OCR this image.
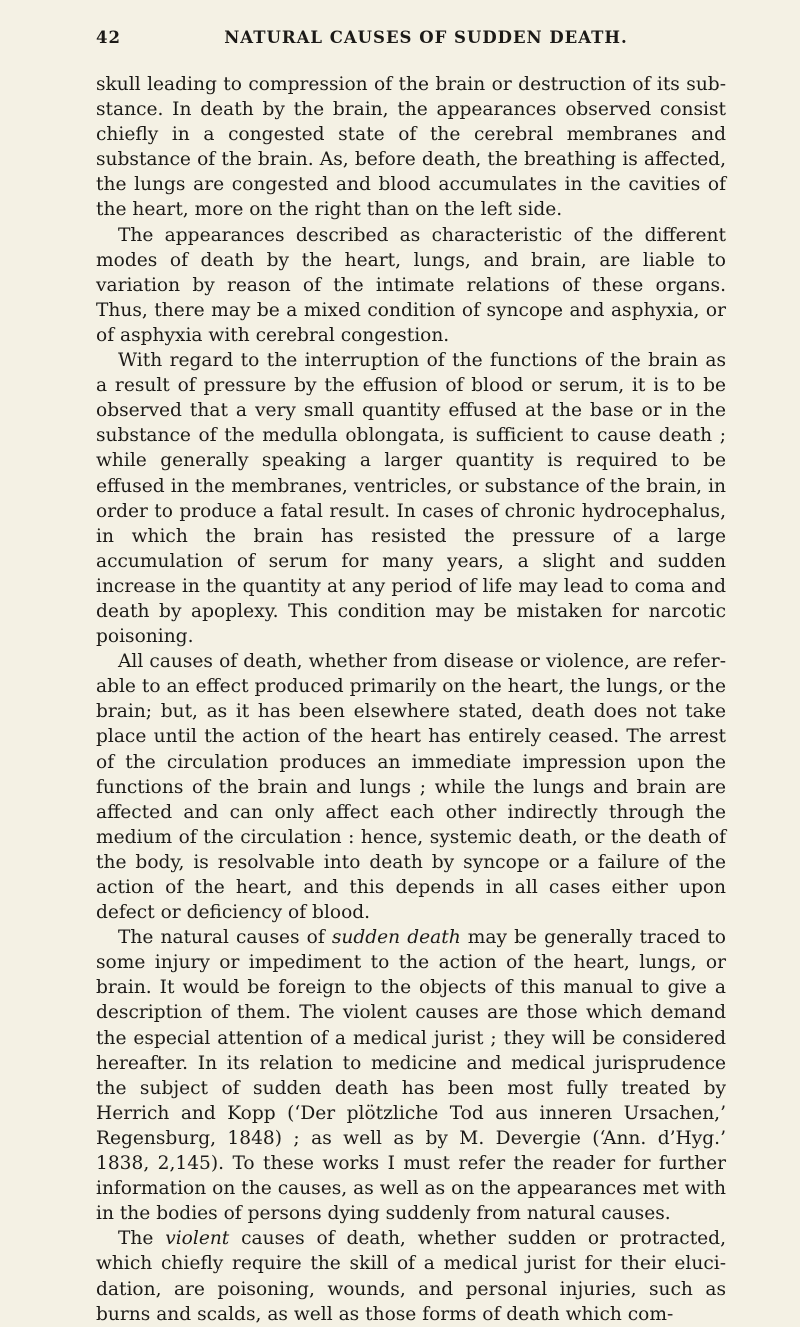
42	NATURAL CAUSES OF SUDDEN DEATH.

skull leading to compression of the brain or destruction of its substance. In death by the brain, the appearances observed consist chiefly in a congested state of the cerebral membranes and substance of the brain. As, before death, the breathing is affected, the lungs are congested and blood accumulates in the cavities of the heart, more on the right than on the left side.

The appearances described as characteristic of the different modes of death by the heart, lungs, and brain, are liable to variation by reason of the intimate relations of these organs. Thus, there may be a mixed condition of syncope and asphyxia, or of asphyxia with cerebral congestion.

With regard to the interruption of the functions of the brain as a result of pressure by the effusion of blood or serum, it is to be observed that a very small quantity effused at the base or in the substance of the medulla oblongata, is sufficient to cause death ; while generally speaking a larger quantity is required to be effused in the membranes, ventricles, or substance of the brain, in order to produce a fatal result. In cases of chronic hydrocephalus, in which the brain has resisted the pressure of a large accumulation of serum for many years, a slight and sudden increase in the quantity at any period of life may lead to coma and death by apoplexy. This condition may be mistaken for narcotic poisoning.

All causes of death, whether from disease or violence, are referable to an effect produced primarily on the heart, the lungs, or the brain; but, as it has been elsewhere stated, death does not take place until the action of the heart has entirely ceased. The arrest of the circulation produces an immediate impression upon the functions of the brain and lungs ; while the lungs and brain are affected and can only affect each other indirectly through the medium of the circulation : hence, systemic death, or the death of the body, is resolvable into death by syncope or a failure of the action of the heart, and this depends in all cases either upon defect or deficiency of blood.

The natural causes of sudden death may be generally traced to some injury or impediment to the action of the heart, lungs, or brain. It would be foreign to the objects of this manual to give a description of them. The violent causes are those which demand the especial attention of a medical jurist ; they will be considered hereafter. In its relation to medicine and medical jurisprudence the subject of sudden death has been most fully treated by Herrich and Kopp (‘Der plötzliche Tod aus inneren Ursachen,’ Regensburg, 1848) ; as well as by M. Devergie (‘Ann. d’Hyg.’ 1838, 2,145). To these works I must refer the reader for further information on the causes, as well as on the appearances met with in the bodies of persons dying suddenly from natural causes.

The violent causes of death, whether sudden or protracted, which chiefly require the skill of a medical jurist for their elucidation, are poisoning, wounds, and personal injuries, such as burns and scalds, as well as those forms of death which com-
